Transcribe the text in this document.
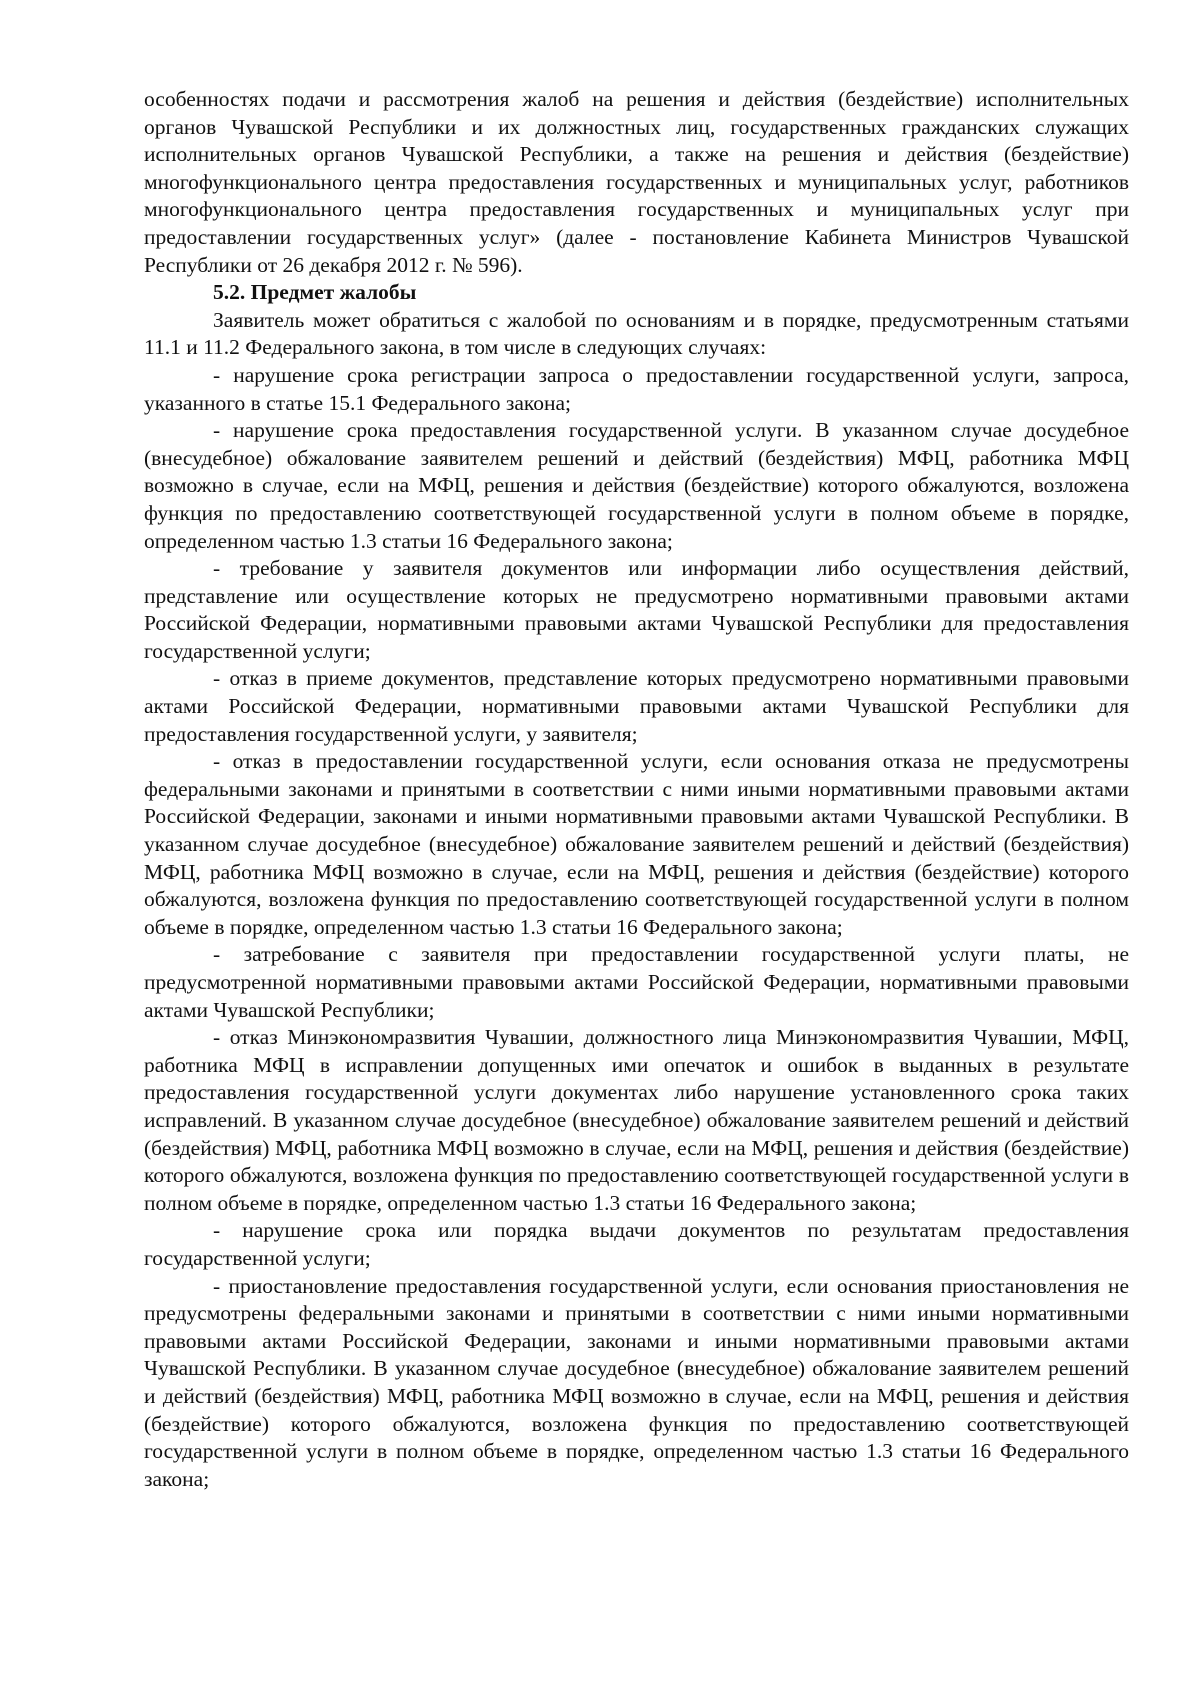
особенностях подачи и рассмотрения жалоб на решения и действия (бездействие) исполнительных органов Чувашской Республики и их должностных лиц, государственных гражданских служащих исполнительных органов Чувашской Республики, а также на решения и действия (бездействие) многофункционального центра предоставления государственных и муниципальных услуг, работников многофункционального центра предоставления государственных и муниципальных услуг при предоставлении государственных услуг» (далее - постановление Кабинета Министров Чувашской Республики от 26 декабря 2012 г. № 596).

5.2. Предмет жалобы

Заявитель может обратиться с жалобой по основаниям и в порядке, предусмотренным статьями 11.1 и 11.2 Федерального закона, в том числе в следующих случаях:

- нарушение срока регистрации запроса о предоставлении государственной услуги, запроса, указанного в статье 15.1 Федерального закона;

- нарушение срока предоставления государственной услуги. В указанном случае досудебное (внесудебное) обжалование заявителем решений и действий (бездействия) МФЦ, работника МФЦ возможно в случае, если на МФЦ, решения и действия (бездействие) которого обжалуются, возложена функция по предоставлению соответствующей государственной услуги в полном объеме в порядке, определенном частью 1.3 статьи 16 Федерального закона;

- требование у заявителя документов или информации либо осуществления действий, представление или осуществление которых не предусмотрено нормативными правовыми актами Российской Федерации, нормативными правовыми актами Чувашской Республики для предоставления государственной услуги;

- отказ в приеме документов, представление которых предусмотрено нормативными правовыми актами Российской Федерации, нормативными правовыми актами Чувашской Республики для предоставления государственной услуги, у заявителя;

- отказ в предоставлении государственной услуги, если основания отказа не предусмотрены федеральными законами и принятыми в соответствии с ними иными нормативными правовыми актами Российской Федерации, законами и иными нормативными правовыми актами Чувашской Республики. В указанном случае досудебное (внесудебное) обжалование заявителем решений и действий (бездействия) МФЦ, работника МФЦ возможно в случае, если на МФЦ, решения и действия (бездействие) которого обжалуются, возложена функция по предоставлению соответствующей государственной услуги в полном объеме в порядке, определенном частью 1.3 статьи 16 Федерального закона;

- затребование с заявителя при предоставлении государственной услуги платы, не предусмотренной нормативными правовыми актами Российской Федерации, нормативными правовыми актами Чувашской Республики;

- отказ Минэкономразвития Чувашии, должностного лица Минэкономразвития Чувашии, МФЦ, работника МФЦ в исправлении допущенных ими опечаток и ошибок в выданных в результате предоставления государственной услуги документах либо нарушение установленного срока таких исправлений. В указанном случае досудебное (внесудебное) обжалование заявителем решений и действий (бездействия) МФЦ, работника МФЦ возможно в случае, если на МФЦ, решения и действия (бездействие) которого обжалуются, возложена функция по предоставлению соответствующей государственной услуги в полном объеме в порядке, определенном частью 1.3 статьи 16 Федерального закона;

- нарушение срока или порядка выдачи документов по результатам предоставления государственной услуги;

- приостановление предоставления государственной услуги, если основания приостановления не предусмотрены федеральными законами и принятыми в соответствии с ними иными нормативными правовыми актами Российской Федерации, законами и иными нормативными правовыми актами Чувашской Республики. В указанном случае досудебное (внесудебное) обжалование заявителем решений и действий (бездействия) МФЦ, работника МФЦ возможно в случае, если на МФЦ, решения и действия (бездействие) которого обжалуются, возложена функция по предоставлению соответствующей государственной услуги в полном объеме в порядке, определенном частью 1.3 статьи 16 Федерального закона;
